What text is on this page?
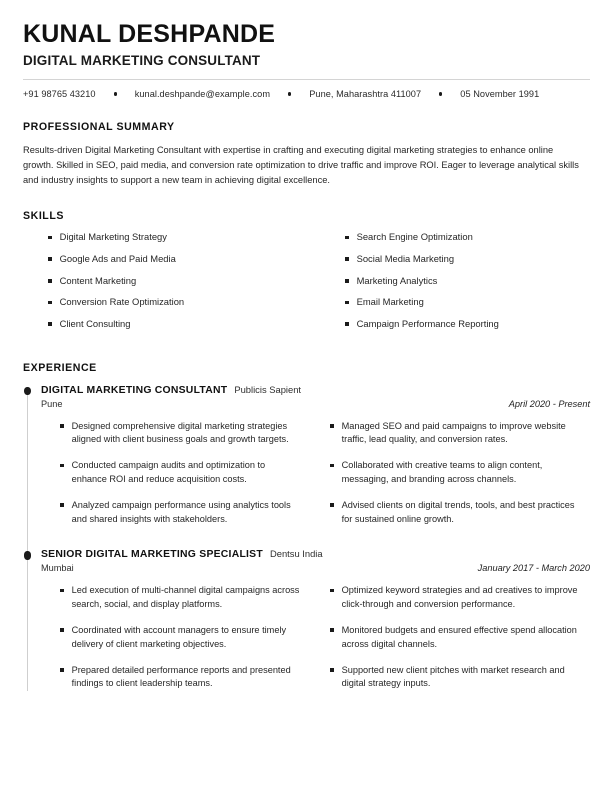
KUNAL DESHPANDE
DIGITAL MARKETING CONSULTANT
+91 98765 43210	kunal.deshpande@example.com	Pune, Maharashtra 411007	05 November 1991
PROFESSIONAL SUMMARY

Results-driven Digital Marketing Consultant with expertise in crafting and executing digital marketing strategies to enhance online growth. Skilled in SEO, paid media, and conversion rate optimization to drive traffic and improve ROI. Eager to leverage analytical skills and industry insights to support a new team in achieving digital excellence.

SKILLS
Digital Marketing Strategy
Google Ads and Paid Media
Content Marketing
Conversion Rate Optimization
Client Consulting
Search Engine Optimization
Social Media Marketing
Marketing Analytics
Email Marketing
Campaign Performance Reporting
EXPERIENCE
DIGITAL MARKETING CONSULTANT Publicis Sapient
Pune	April 2020 - Present
Designed comprehensive digital marketing strategies aligned with client business goals and growth targets.
Conducted campaign audits and optimization to enhance ROI and reduce acquisition costs.
Analyzed campaign performance using analytics tools and shared insights with stakeholders.
Managed SEO and paid campaigns to improve website traffic, lead quality, and conversion rates.
Collaborated with creative teams to align content, messaging, and branding across channels.
Advised clients on digital trends, tools, and best practices for sustained online growth.
SENIOR DIGITAL MARKETING SPECIALIST Dentsu India
Mumbai	January 2017 - March 2020
Led execution of multi-channel digital campaigns across search, social, and display platforms.
Coordinated with account managers to ensure timely delivery of client marketing objectives.
Prepared detailed performance reports and presented findings to client leadership teams.
Optimized keyword strategies and ad creatives to improve click-through and conversion performance.
Monitored budgets and ensured effective spend allocation across digital channels.
Supported new client pitches with market research and digital strategy inputs.
